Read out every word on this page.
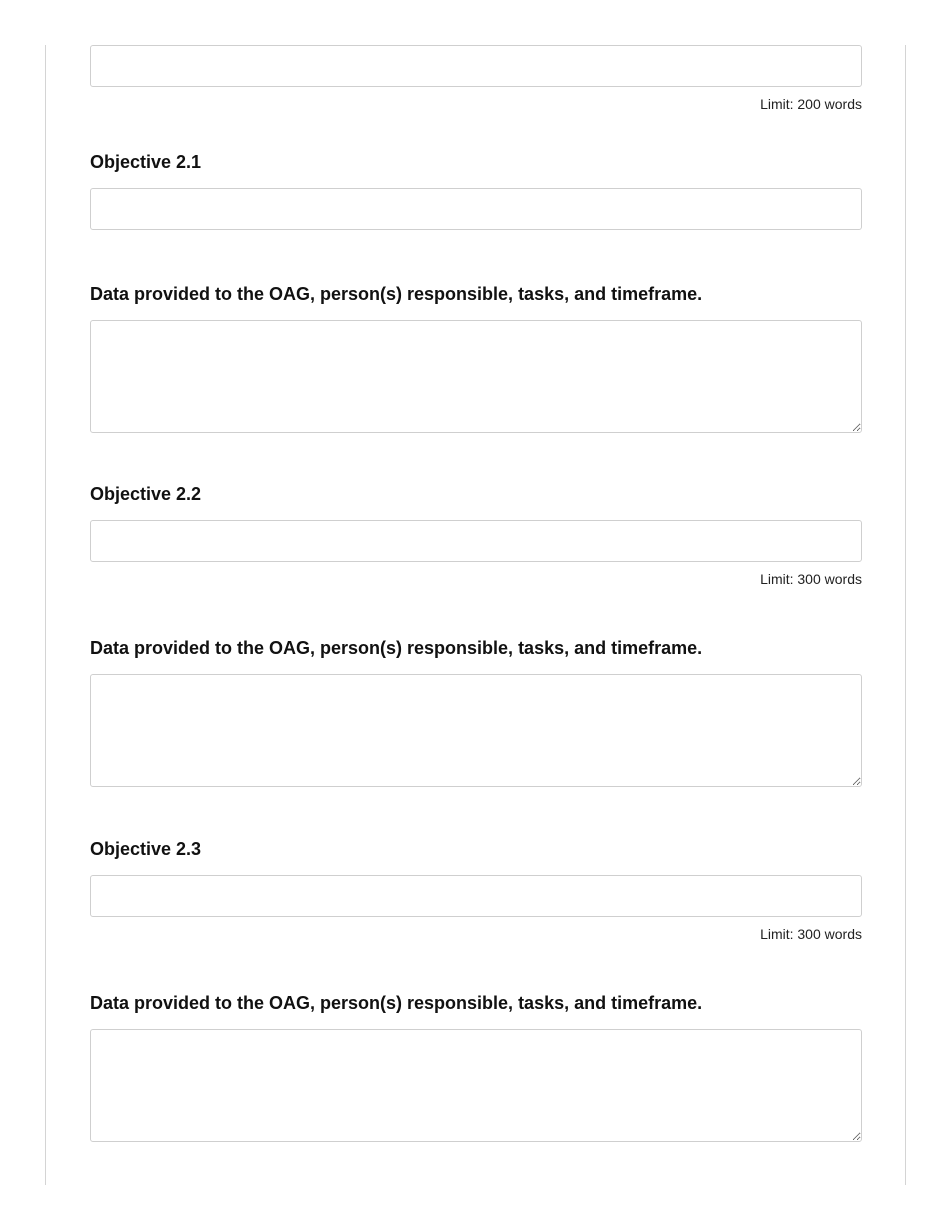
Limit: 200 words
Objective 2.1
Data provided to the OAG, person(s) responsible, tasks, and timeframe.
Objective 2.2
Limit: 300 words
Data provided to the OAG, person(s) responsible, tasks, and timeframe.
Objective 2.3
Limit: 300 words
Data provided to the OAG, person(s) responsible, tasks, and timeframe.
